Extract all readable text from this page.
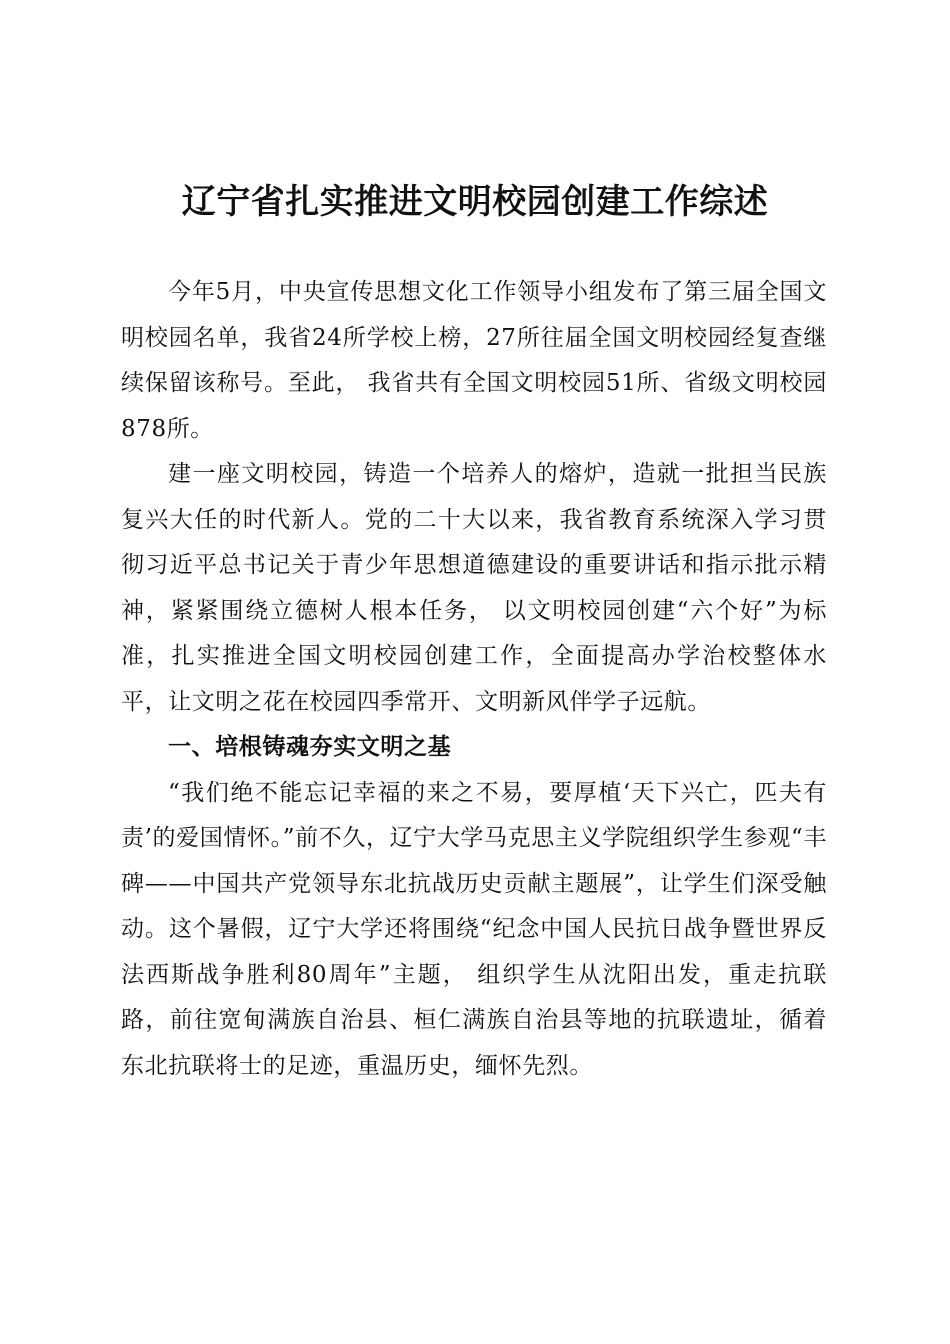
辽宁省扎实推进文明校园创建工作综述

今年5月，中央宣传思想文化工作领导小组发布了第三届全国文明校园名单，我省24所学校上榜，27所往届全国文明校园经复查继续保留该称号。至此， 我省共有全国文明校园51所、省级文明校园878所。

建一座文明校园，铸造一个培养人的熔炉，造就一批担当民族复兴大任的时代新人。党的二十大以来，我省教育系统深入学习贯彻习近平总书记关于青少年思想道德建设的重要讲话和指示批示精神，紧紧围绕立德树人根本任务， 以文明校园创建“六个好”为标准，扎实推进全国文明校园创建工作，全面提高办学治校整体水平，让文明之花在校园四季常开、文明新风伴学子远航。

一、培根铸魂夯实文明之基

“我们绝不能忘记幸福的来之不易，要厚植‘天下兴亡，匹夫有责’的爱国情怀。”前不久，辽宁大学马克思主义学院组织学生参观“丰碑——中国共产党领导东北抗战历史贡献主题展”，让学生们深受触动。这个暑假，辽宁大学还将围绕“纪念中国人民抗日战争暨世界反法西斯战争胜利80周年”主题， 组织学生从沈阳出发，重走抗联路，前往宽甸满族自治县、桓仁满族自治县等地的抗联遗址，循着东北抗联将士的足迹，重温历史，缅怀先烈。
